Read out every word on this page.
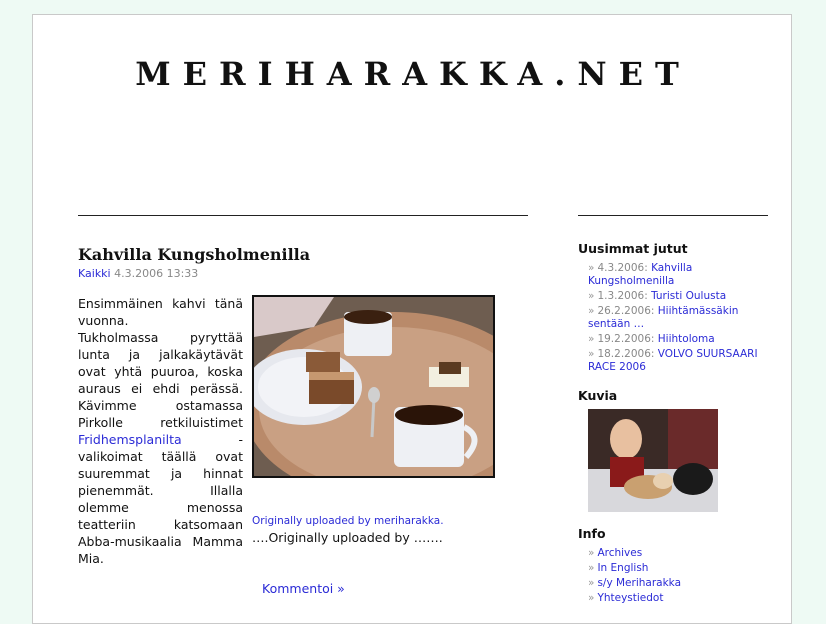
MERIHARAKKA.NET
Kahvilla Kungsholmenilla
Kaikki 4.3.2006 13:33

Ensimmäinen kahvi tänä vuonna.

Tukholmassa pyryttää lunta ja jalkakäytävät ovat yhtä puuroa, koska auraus ei ehdi perässä. Kävimme ostamassa Pirkolle retkiluistimet Fridhemsplanilta	- valikoimat täällä ovat suuremmat ja hinnat pienemmät. Illalla olemme menossa teatteriin katsomaan Abba-musikaalia Mamma Mia.

Originally uploaded by meriharakka.
….Originally uploaded by …….
Kommentoi »
Uusimmat jutut
» 4.3.2006: Kahvilla Kungsholmenilla
» 1.3.2006: Turisti Oulusta
» 26.2.2006: Hiihtämässäkin sentään …
» 19.2.2006: Hiihtoloma
» 18.2.2006: VOLVO SUURSAARI RACE 2006
Kuvia
Info
» Archives
» In English
» s/y Meriharakka
» Yhteystiedot
